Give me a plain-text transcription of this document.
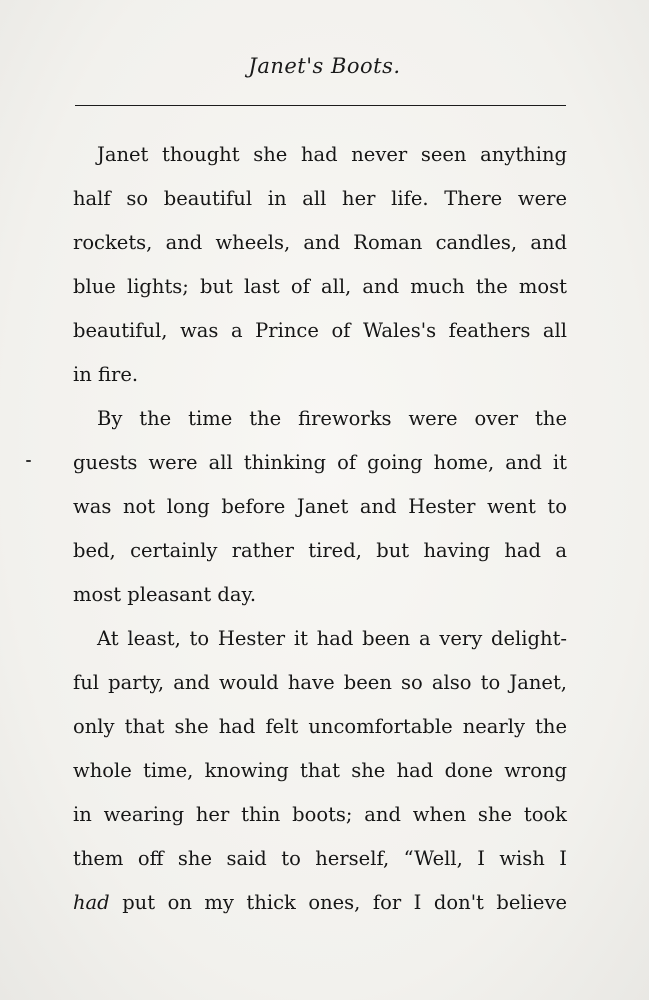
Janet's Boots.
Janet thought she had never seen anything
half so beautiful in all her life. There were
rockets, and wheels, and Roman candles, and
blue lights; but last of all, and much the most
beautiful, was a Prince of Wales's feathers all
in fire.
By the time the fireworks were over the
guests were all thinking of going home, and it
was not long before Janet and Hester went to
bed, certainly rather tired, but having had a
most pleasant day.
At least, to Hester it had been a very delight-
ful party, and would have been so also to Janet,
only that she had felt uncomfortable nearly the
whole time, knowing that she had done wrong
in wearing her thin boots; and when she took
them off she said to herself, “Well, I wish I
had put on my thick ones, for I don't believe
